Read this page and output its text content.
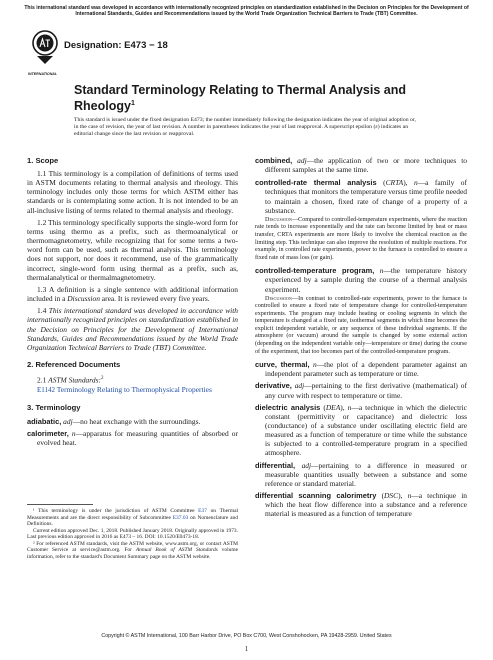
This international standard was developed in accordance with internationally recognized principles on standardization established in the Decision on Principles for the Development of International Standards, Guides and Recommendations issued by the World Trade Organization Technical Barriers to Trade (TBT) Committee.
INTERNATIONAL
Designation: E473 − 18
Standard Terminology Relating to Thermal Analysis and Rheology$^1$
This standard is issued under the fixed designation E473; the number immediately following the designation indicates the year of original adoption or, in the case of revision, the year of last revision. A number in parentheses indicates the year of last reapproval. A superscript epsilon (ε) indicates an editorial change since the last revision or reapproval.
1. Scope

1.1 This terminology is a compilation of definitions of terms used in ASTM documents relating to thermal analysis and rheology. This terminology includes only those terms for which ASTM either has standards or is contemplating some action. It is not intended to be an all-inclusive listing of terms related to thermal analysis and rheology.

1.2 This terminology specifically supports the single-word form for terms using thermo as a prefix, such as thermoanalytical or thermomagnetometry, while recognizing that for some terms a two-word form can be used, such as thermal analysis. This terminology does not support, nor does it recommend, use of the grammatically incorrect, single-word form using thermal as a prefix, such as, thermalanalytical or thermalmagnetometry.

1.3 A definition is a single sentence with additional information included in a Discussion area. It is reviewed every five years.

1.4 This international standard was developed in accordance with internationally recognized principles on standardization established in the Decision on Principles for the Development of International Standards, Guides and Recommendations issued by the World Trade Organization Technical Barriers to Trade (TBT) Committee.

2. Referenced Documents

2.1 ASTM Standards:$^2$

E1142 Terminology Relating to Thermophysical Properties

3. Terminology

adiabatic, adj—no heat exchange with the surroundings.

calorimeter, n—apparatus for measuring quantities of absorbed or evolved heat.

¹ This terminology is under the jurisdiction of ASTM Committee E37 on Thermal Measurements and are the direct responsibility of Subcommittee E37.03 on Nomenclature and Definitions.

Current edition approved Dec. 1, 2018. Published January 2018. Originally approved in 1973. Last previous edition approved in 2016 as E473 – 16. DOI: 10.1520/E0473-18.

² For referenced ASTM standards, visit the ASTM website, www.astm.org, or contact ASTM Customer Service at service@astm.org. For Annual Book of ASTM Standards volume information, refer to the standard's Document Summary page on the ASTM website.

combined, adj—the application of two or more techniques to different samples at the same time.

controlled-rate thermal analysis (CRTA), n—a family of techniques that monitors the temperature versus time profile needed to maintain a chosen, fixed rate of change of a property of a substance.

Discussion—Compared to controlled-temperature experiments, where the reaction rate tends to increase exponentially and the rate can become limited by heat or mass transfer, CRTA experiments are more likely to involve the chemical reaction as the limiting step. This technique can also improve the resolution of multiple reactions. For example, in controlled rate experiments, power to the furnace is controlled to ensure a fixed rate of mass loss (or gain).

controlled-temperature program, n—the temperature history experienced by a sample during the course of a thermal analysis experiment.

Discussion—In contrast to controlled-rate experiments, power to the furnace is controlled to ensure a fixed rate of temperature change for controlled-temperature experiments. The program may include heating or cooling segments in which the temperature is changed at a fixed rate, isothermal segments in which time becomes the explicit independent variable, or any sequence of these individual segments. If the atmosphere (or vacuum) around the sample is changed by some external action (depending on the independent variable only—temperature or time) during the course of the experiment, that too becomes part of the controlled-temperature program.

curve, thermal, n—the plot of a dependent parameter against an independent parameter such as temperature or time.

derivative, adj—pertaining to the first derivative (mathematical) of any curve with respect to temperature or time.

dielectric analysis (DEA), n—a technique in which the dielectric constant (permittivity or capacitance) and dielectric loss (conductance) of a substance under oscillating electric field are measured as a function of temperature or time while the substance is subjected to a controlled-temperature program in a specified atmosphere.

differential, adj—pertaining to a difference in measured or measurable quantities usually between a substance and some reference or standard material.

differential scanning calorimetry (DSC), n—a technique in which the heat flow difference into a substance and a reference material is measured as a function of temperature

Copyright © ASTM International, 100 Barr Harbor Drive, PO Box C700, West Conshohocken, PA 19428-2959. United States
1
